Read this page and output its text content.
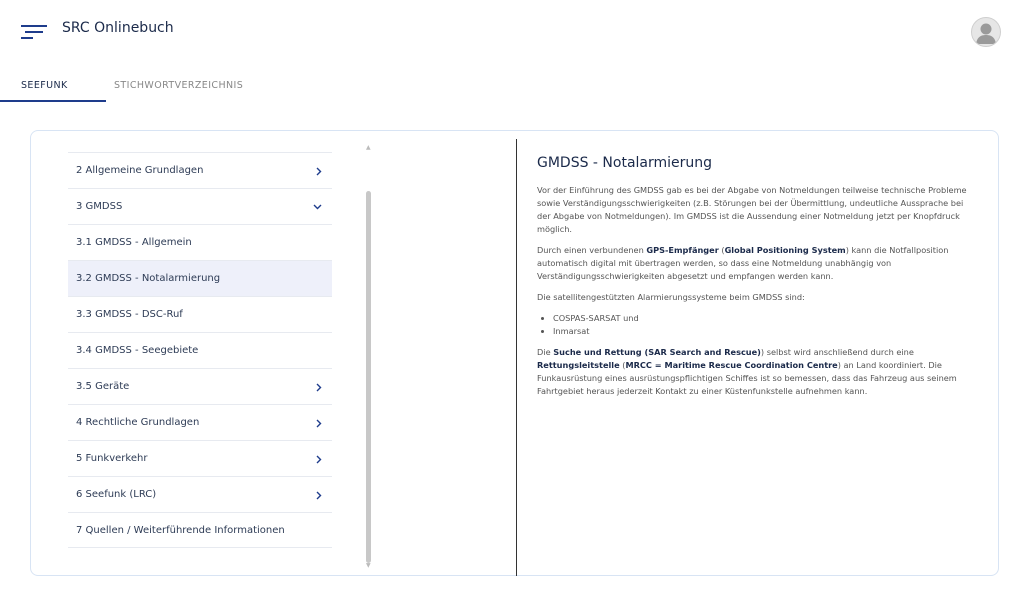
SRC Onlinebuch
SEEFUNK	STICHWORTVERZEICHNIS
2 Allgemeine Grundlagen
3 GMDSS
3.1 GMDSS - Allgemein
3.2 GMDSS - Notalarmierung
3.3 GMDSS - DSC-Ruf
3.4 GMDSS - Seegebiete
3.5 Geräte
4 Rechtliche Grundlagen
5 Funkverkehr
6 Seefunk (LRC)
7 Quellen / Weiterführende Informationen
▲
▼
GMDSS - Notalarmierung

Vor der Einführung des GMDSS gab es bei der Abgabe von Notmeldungen teilweise technische Probleme sowie Verständigungsschwierigkeiten (z.B. Störungen bei der Übermittlung, undeutliche Aussprache bei der Abgabe von Notmeldungen). Im GMDSS ist die Aussendung einer Notmeldung jetzt per Knopfdruck möglich.

Durch einen verbundenen GPS-Empfänger (Global Positioning System) kann die Notfallposition automatisch digital mit übertragen werden, so dass eine Notmeldung unabhängig von Verständigungsschwierigkeiten abgesetzt und empfangen werden kann.

Die satellitengestützten Alarmierungssysteme beim GMDSS sind:

• COSPAS-SARSAT und
• Inmarsat

Die Suche und Rettung (SAR Search and Rescue)) selbst wird anschließend durch eine Rettungsleitstelle (MRCC = Maritime Rescue Coordination Centre) an Land koordiniert. Die Funkausrüstung eines ausrüstungspflichtigen Schiffes ist so bemessen, dass das Fahrzeug aus seinem Fahrtgebiet heraus jederzeit Kontakt zu einer Küstenfunkstelle aufnehmen kann.
